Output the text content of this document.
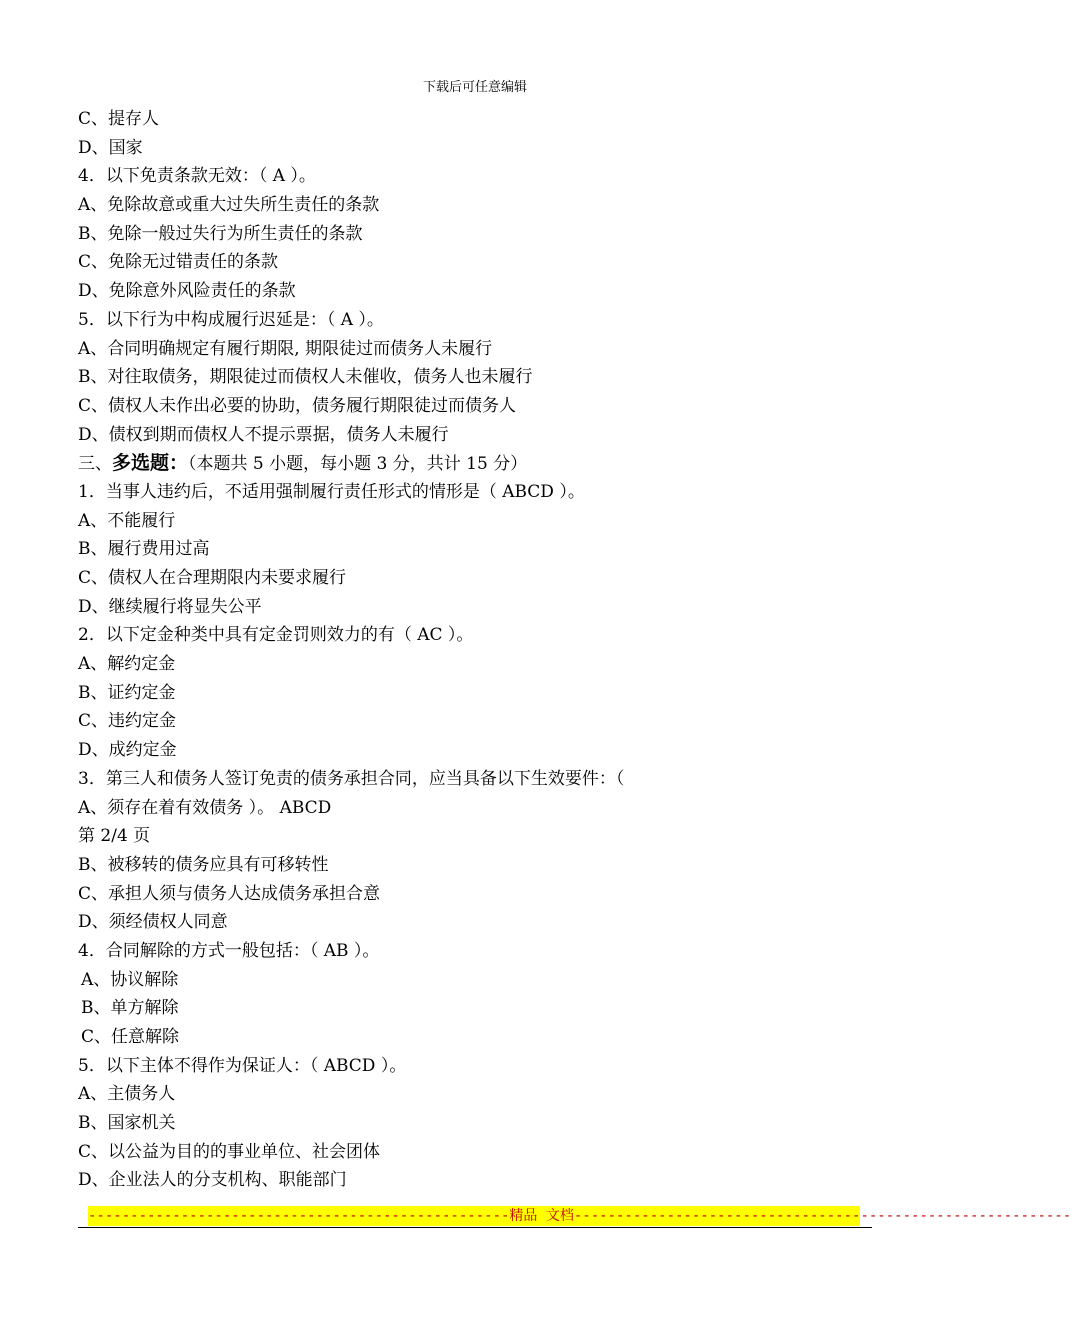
下载后可任意编辑
C、提存人
D、国家
4．以下免责条款无效：（ A ）。
A、免除故意或重大过失所生责任的条款
B、免除一般过失行为所生责任的条款
C、免除无过错责任的条款
D、免除意外风险责任的条款
5．以下行为中构成履行迟延是：（ A ）。
A、合同明确规定有履行期限, 期限徒过而债务人未履行
B、对往取债务，期限徒过而债权人未催收，债务人也未履行
C、债权人未作出必要的协助，债务履行期限徒过而债务人
D、债权到期而债权人不提示票据，债务人未履行
三、多选题：（本题共 5 小题，每小题 3 分，共计 15 分）
1．当事人违约后，不适用强制履行责任形式的情形是（ ABCD ）。
A、不能履行
B、履行费用过高
C、债权人在合理期限内未要求履行
D、继续履行将显失公平
2．以下定金种类中具有定金罚则效力的有（ AC ）。
A、解约定金
B、证约定金
C、违约定金
D、成约定金
3．第三人和债务人签订免责的债务承担合同，应当具备以下生效要件：（
A、须存在着有效债务 ）。 ABCD
第 2/4 页
B、被移转的债务应具有可移转性
C、承担人须与债务人达成债务承担合意
D、须经债权人同意
4．合同解除的方式一般包括：（ AB ）。
A、协议解除
B、单方解除
C、任意解除
5．以下主体不得作为保证人：（ ABCD ）。
A、主债务人
B、国家机关
C、以公益为目的的事业单位、社会团体
D、企业法人的分支机构、职能部门
--------------------------------------------------精品 文档-----------------------------------------------------------
